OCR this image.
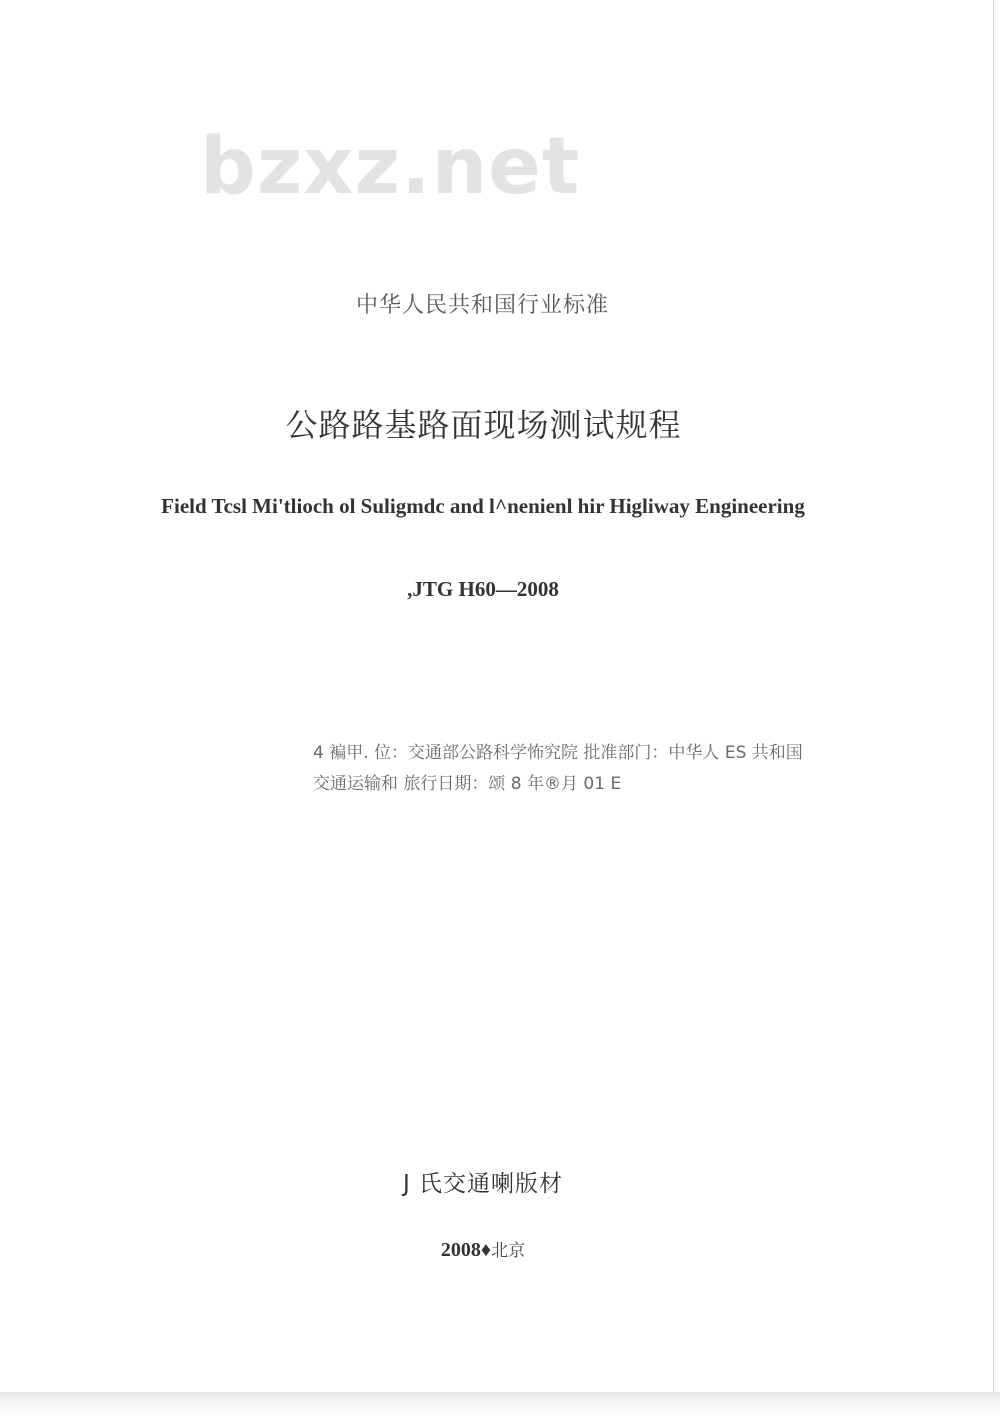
bzxz.net
中华人民共和国行业标准
公路路基路面现场测试规程
Field Tcsl Mi'tlioch ol Suligmdc and l^nenienl hir Higliway Engineering
,JTG H60—2008
4 褊甲. 位：交通部公路科学怖究院 批准部门：中华人 ES 共和国
交通运输和 旅行日期：颂 8 年®月 01 E
J 氏交通喇版材
2008♦北京
